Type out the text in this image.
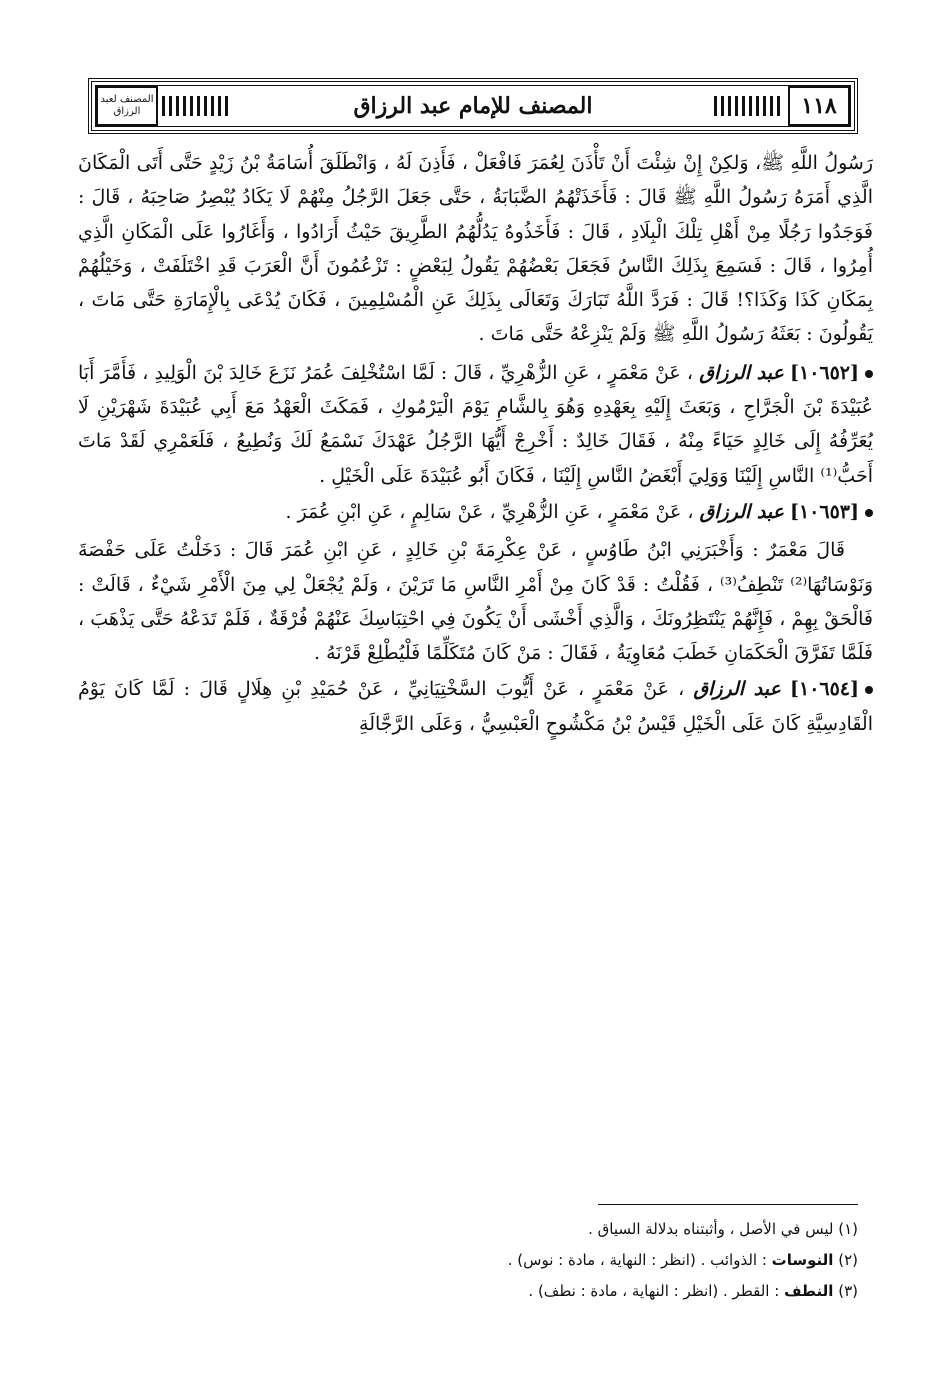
١١٨
المصنف للإمام عبد الرزاق
المصنف لعبد الرزاق

رَسُولُ اللَّهِ ﷺ، وَلكِنْ إِنْ شِئْتَ أَنْ تَأْذَنَ لِعُمَرَ فَافْعَلْ ، فَأَذِنَ لَهُ ، وَانْطَلَقَ أُسَامَةُ بْنُ زَيْدٍ حَتَّى أَتَى الْمَكَانَ الَّذِي أَمَرَهُ رَسُولُ اللَّهِ ﷺ قَالَ : فَأَخَذَتْهُمُ الضَّبَابَةُ ، حَتَّى جَعَلَ الرَّجُلُ مِنْهُمْ لَا يَكَادُ يُبْصِرُ صَاحِبَهُ ، قَالَ : فَوَجَدُوا رَجُلًا مِنْ أَهْلِ تِلْكَ الْبِلَادِ ، قَالَ : فَأَخَذُوهُ يَدُلُّهُمُ الطَّرِيقَ حَيْثُ أَرَادُوا ، وَأَغَارُوا عَلَى الْمَكَانِ الَّذِي أُمِرُوا ، قَالَ : فَسَمِعَ بِذَلِكَ النَّاسُ فَجَعَلَ بَعْضُهُمْ يَقُولُ لِبَعْضٍ : تَزْعُمُونَ أَنَّ الْعَرَبَ قَدِ اخْتَلَفَتْ ، وَخَيْلُهُمْ بِمَكَانِ كَذَا وَكَذَا؟! قَالَ : فَرَدَّ اللَّهُ تَبَارَكَ وَتَعَالَى بِذَلِكَ عَنِ الْمُسْلِمِينَ ، فَكَانَ يُدْعَى بِالْإِمَارَةِ حَتَّى مَاتَ ، يَقُولُونَ : بَعَثَهُ رَسُولُ اللَّهِ ﷺ وَلَمْ يَنْزِعْهُ حَتَّى مَاتَ .

[١٠٦٥٢] عبد الرزاق ، عَنْ مَعْمَرٍ ، عَنِ الزُّهْرِيِّ ، قَالَ : لَمَّا اسْتُخْلِفَ عُمَرُ نَزَعَ خَالِدَ بْنَ الْوَلِيدِ ، فَأَمَّرَ أَبَا عُبَيْدَةَ بْنَ الْجَرَّاحِ ، وَبَعَثَ إِلَيْهِ بِعَهْدِهِ وَهُوَ بِالشَّامِ يَوْمَ الْيَرْمُوكِ ، فَمَكَثَ الْعَهْدُ مَعَ أَبِي عُبَيْدَةَ شَهْرَيْنِ لَا يُعَرِّفُهُ إِلَى خَالِدٍ حَيَاءً مِنْهُ ، فَقَالَ خَالِدٌ : أَخْرِجْ أَيُّهَا الرَّجُلُ عَهْدَكَ نَسْمَعُ لَكَ وَنُطِيعُ ، فَلَعَمْرِي لَقَدْ مَاتَ أَحَبُّ⁽¹⁾ النَّاسِ إِلَيْنَا وَوَلِيَ أَبْغَضُ النَّاسِ إِلَيْنَا ، فَكَانَ أَبُو عُبَيْدَةَ عَلَى الْخَيْلِ .

[١٠٦٥٣] عبد الرزاق ، عَنْ مَعْمَرٍ ، عَنِ الزُّهْرِيِّ ، عَنْ سَالِمٍ ، عَنِ ابْنِ عُمَرَ .

قَالَ مَعْمَرٌ : وَأَخْبَرَنِي ابْنُ طَاوُسٍ ، عَنْ عِكْرِمَةَ بْنِ خَالِدٍ ، عَنِ ابْنِ عُمَرَ قَالَ : دَخَلْتُ عَلَى حَفْصَةَ وَنَوْسَاتُهَا⁽²⁾ تَنْطِفُ⁽³⁾ ، فَقُلْتُ : قَدْ كَانَ مِنْ أَمْرِ النَّاسِ مَا تَرَيْنَ ، وَلَمْ يُجْعَلْ لِي مِنَ الْأَمْرِ شَيْءٌ ، قَالَتْ : فَالْحَقْ بِهِمْ ، فَإِنَّهُمْ يَنْتَظِرُونَكَ ، وَالَّذِي أَخْشَى أَنْ يَكُونَ فِي احْتِبَاسِكَ عَنْهُمْ فُرْقَةٌ ، فَلَمْ تَدَعْهُ حَتَّى يَذْهَبَ ، فَلَمَّا تَفَرَّقَ الْحَكَمَانِ خَطَبَ مُعَاوِيَةُ ، فَقَالَ : مَنْ كَانَ مُتَكَلِّمًا فَلْيُطْلِعْ قَرْنَهُ .

[١٠٦٥٤] عبد الرزاق ، عَنْ مَعْمَرٍ ، عَنْ أَيُّوبَ السَّخْتِيَانِيِّ ، عَنْ حُمَيْدِ بْنِ هِلَالٍ قَالَ : لَمَّا كَانَ يَوْمُ الْقَادِسِيَّةِ كَانَ عَلَى الْخَيْلِ قَيْسُ بْنُ مَكْشُوحٍ الْعَبْسِيُّ ، وَعَلَى الرَّجَّالَةِ

(١) ليس في الأصل ، وأثبتناه بدلالة السياق .
(٢) النوسات : الذوائب . (انظر : النهاية ، مادة : نوس) .
(٣) النطف : القطر . (انظر : النهاية ، مادة : نطف) .
